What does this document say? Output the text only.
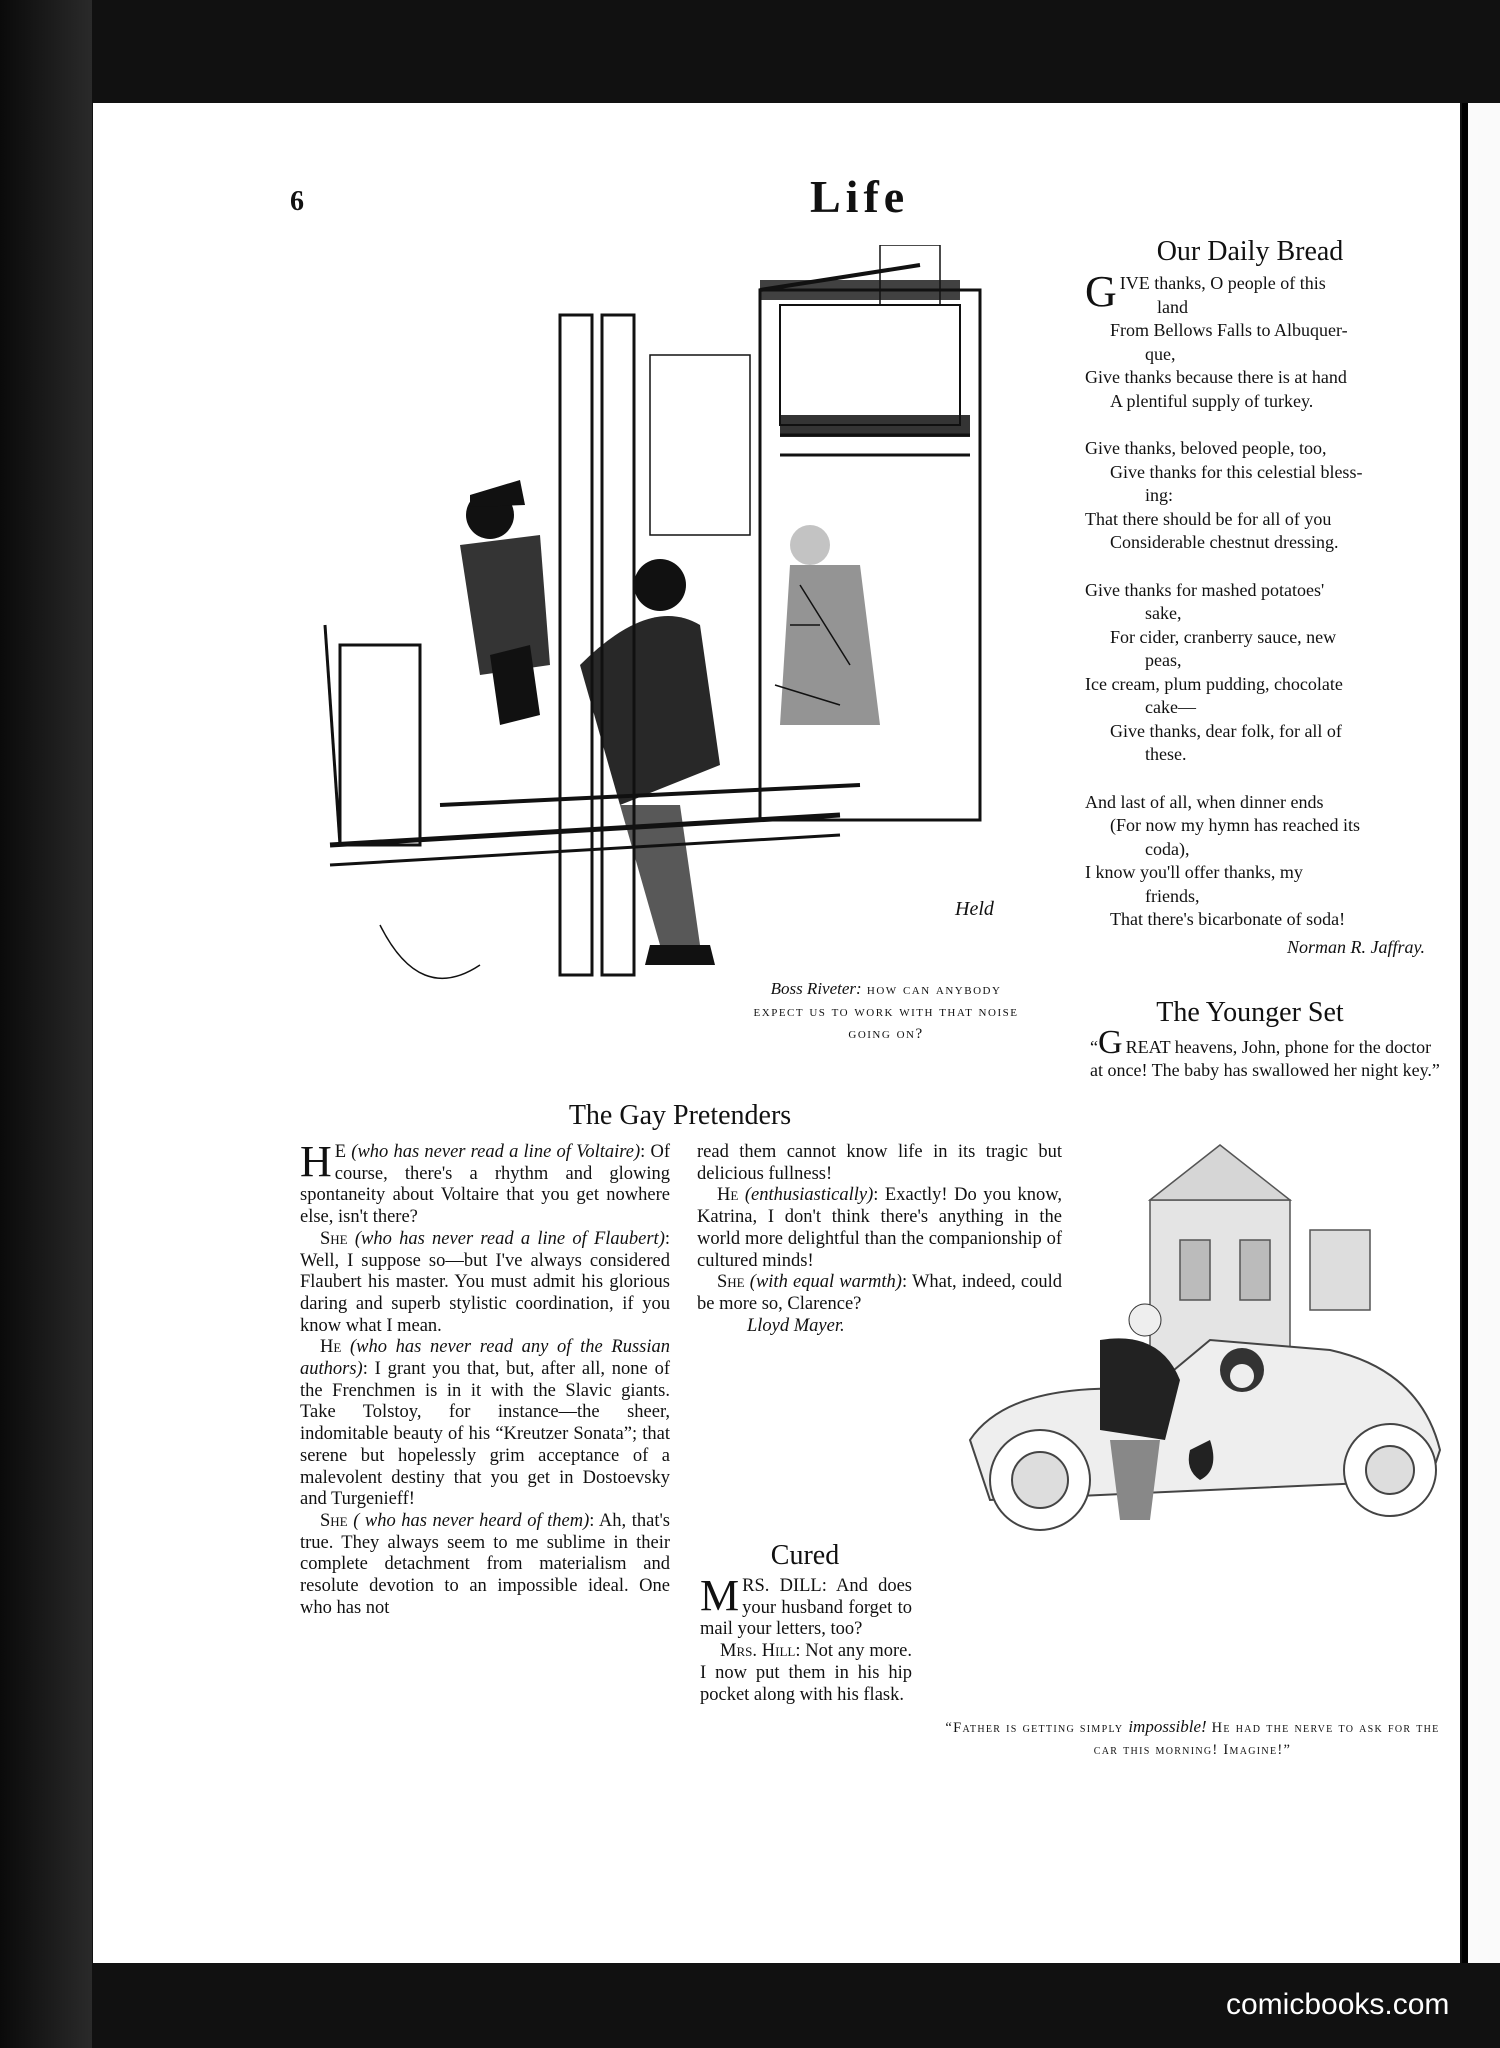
6	Life
Held
Boss Riveter: how can anybody expect us to work with that noise going on?
Our Daily Bread

G IVE thanks, O people of this
land
From Bellows Falls to Albuquer-
que,
Give thanks because there is at hand
A plentiful supply of turkey.

Give thanks, beloved people, too,
Give thanks for this celestial bless-
ing:
That there should be for all of you
Considerable chestnut dressing.

Give thanks for mashed potatoes'
sake,
For cider, cranberry sauce, new
peas,
Ice cream, plum pudding, chocolate
cake—
Give thanks, dear folk, for all of
these.

And last of all, when dinner ends
(For now my hymn has reached its
coda),
I know you'll offer thanks, my
friends,
That there's bicarbonate of soda!

Norman R. Jaffray.
The Younger Set
“G REAT heavens, John, phone for the doctor at once! The baby has swallowed her night key.”
The Gay Pretenders

H E (who has never read a line of Voltaire): Of course, there's a rhythm and glowing spontaneity about Voltaire that you get nowhere else, isn't there?

She (who has never read a line of Flaubert): Well, I suppose so—but I've always considered Flaubert his master. You must admit his glorious daring and superb stylistic coordination, if you know what I mean.

He (who has never read any of the Russian authors): I grant you that, but, after all, none of the Frenchmen is in it with the Slavic giants. Take Tolstoy, for instance—the sheer, indomitable beauty of his “Kreutzer Sonata”; that serene but hopelessly grim acceptance of a malevolent destiny that you get in Dostoevsky and Turgenieff!

She ( who has never heard of them): Ah, that's true. They always seem to me sublime in their complete detachment from materialism and resolute devotion to an impossible ideal. One who has not

read them cannot know life in its tragic but delicious fullness!

He (enthusiastically): Exactly! Do you know, Katrina, I don't think there's anything in the world more delightful than the companionship of cultured minds!

She (with equal warmth): What, indeed, could be more so, Clarence?

Lloyd Mayer.

Cured

MRS. DILL: And does your husband forget to mail your letters, too?

Mrs. Hill: Not any more. I now put them in his hip pocket along with his flask.

“Father is getting simply impossible! He had the nerve to ask for the car this morning! Imagine!”
comicbooks.com
